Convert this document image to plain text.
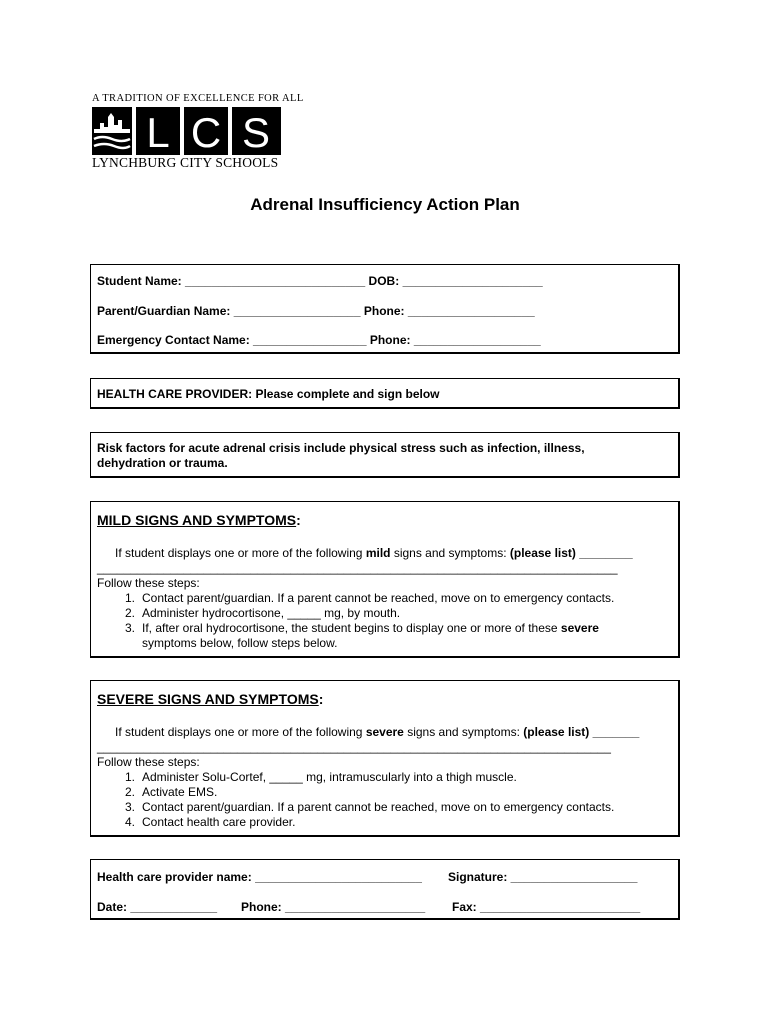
A TRADITION OF EXCELLENCE FOR ALL
L C S
LYNCHBURG CITY SCHOOLS
Adrenal Insufficiency Action Plan
Student Name: ___________________________ DOB: _____________________
Parent/Guardian Name: ___________________ Phone: ___________________
Emergency Contact Name: _________________ Phone: ___________________
HEALTH CARE PROVIDER: Please complete and sign below
Risk factors for acute adrenal crisis include physical stress such as infection, illness,
dehydration or trauma.
MILD SIGNS AND SYMPTOMS:
If student displays one or more of the following mild signs and symptoms: (please list) ________
______________________________________________________________________________
Follow these steps:
1. Contact parent/guardian. If a parent cannot be reached, move on to emergency contacts.
2. Administer hydrocortisone, _____ mg, by mouth.
3. If, after oral hydrocortisone, the student begins to display one or more of these severe
symptoms below, follow steps below.
SEVERE SIGNS AND SYMPTOMS:
If student displays one or more of the following severe signs and symptoms: (please list) _______
_____________________________________________________________________________
Follow these steps:
1. Administer Solu-Cortef, _____ mg, intramuscularly into a thigh muscle.
2. Activate EMS.
3. Contact parent/guardian. If a parent cannot be reached, move on to emergency contacts.
4. Contact health care provider.
Health care provider name: _________________________ Signature: ___________________
Date: _____________ Phone: _____________________ Fax: ________________________
